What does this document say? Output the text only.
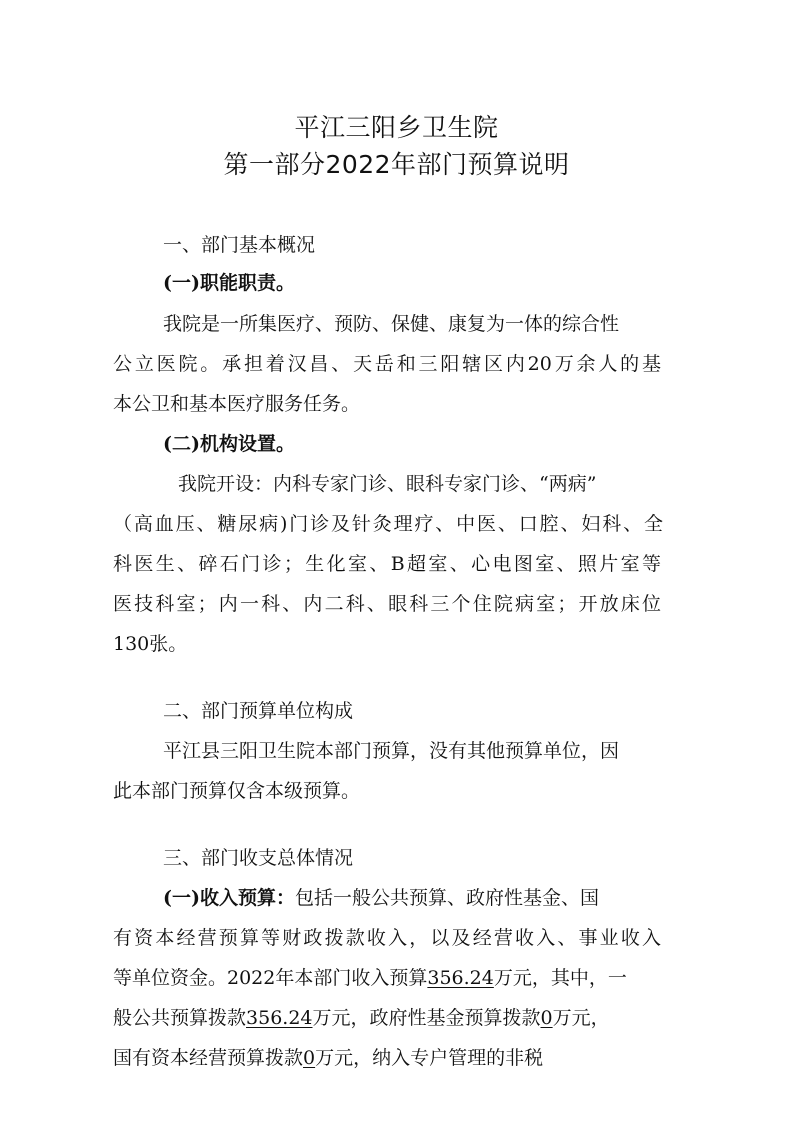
平江三阳乡卫生院
第一部分2022年部门预算说明
一、部门基本概况
(一)职能职责。
我院是一所集医疗、预防、保健、康复为一体的综合性
公立医院。承担着汉昌、天岳和三阳辖区内20万余人的基
本公卫和基本医疗服务任务。
(二)机构设置。
我院开设：内科专家门诊、眼科专家门诊、“两病”
（高血压、糖尿病)门诊及针灸理疗、中医、口腔、妇科、全
科医生、碎石门诊；生化室、B超室、心电图室、照片室等
医技科室；内一科、内二科、眼科三个住院病室；开放床位
130张。
二、部门预算单位构成
平江县三阳卫生院本部门预算，没有其他预算单位，因
此本部门预算仅含本级预算。
三、部门收支总体情况
(一)收入预算：包括一般公共预算、政府性基金、国
有资本经营预算等财政拨款收入，以及经营收入、事业收入
等单位资金。2022年本部门收入预算356.24万元，其中，一
般公共预算拨款356.24万元，政府性基金预算拨款0万元，
国有资本经营预算拨款0万元，纳入专户管理的非税
